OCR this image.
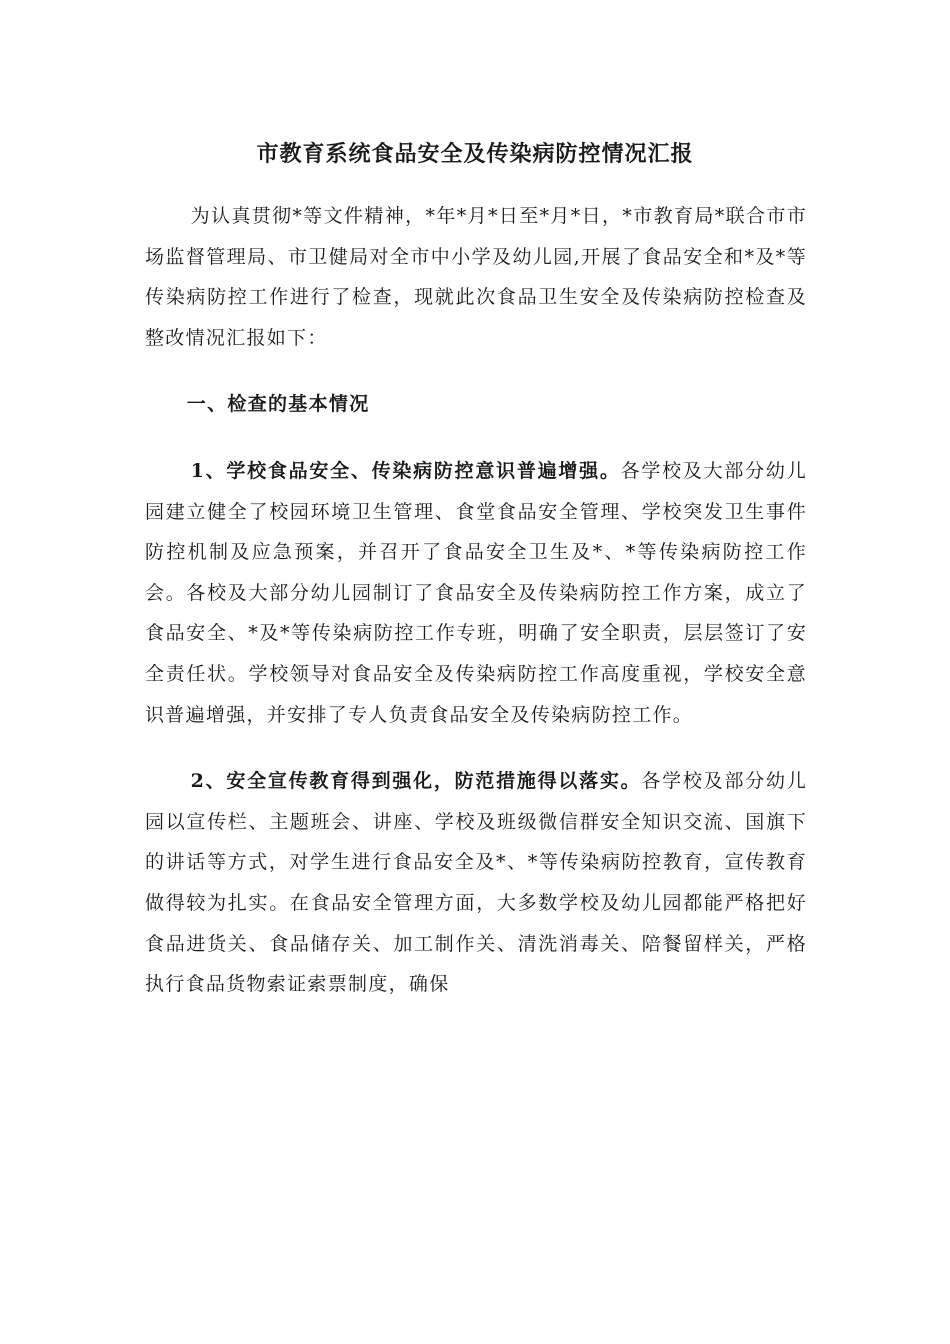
市教育系统食品安全及传染病防控情况汇报

为认真贯彻*等文件精神，*年*月*日至*月*日，*市教育局*联合市市场监督管理局、市卫健局对全市中小学及幼儿园,开展了食品安全和*及*等传染病防控工作进行了检查，现就此次食品卫生安全及传染病防控检查及整改情况汇报如下：

一、检查的基本情况

1、学校食品安全、传染病防控意识普遍增强。各学校及大部分幼儿园建立健全了校园环境卫生管理、食堂食品安全管理、学校突发卫生事件防控机制及应急预案，并召开了食品安全卫生及*、*等传染病防控工作会。各校及大部分幼儿园制订了食品安全及传染病防控工作方案，成立了食品安全、*及*等传染病防控工作专班，明确了安全职责，层层签订了安全责任状。学校领导对食品安全及传染病防控工作高度重视，学校安全意识普遍增强，并安排了专人负责食品安全及传染病防控工作。

2、安全宣传教育得到强化，防范措施得以落实。各学校及部分幼儿园以宣传栏、主题班会、讲座、学校及班级微信群安全知识交流、国旗下的讲话等方式，对学生进行食品安全及*、*等传染病防控教育，宣传教育做得较为扎实。在食品安全管理方面，大多数学校及幼儿园都能严格把好食品进货关、食品储存关、加工制作关、清洗消毒关、陪餐留样关，严格执行食品货物索证索票制度，确保
